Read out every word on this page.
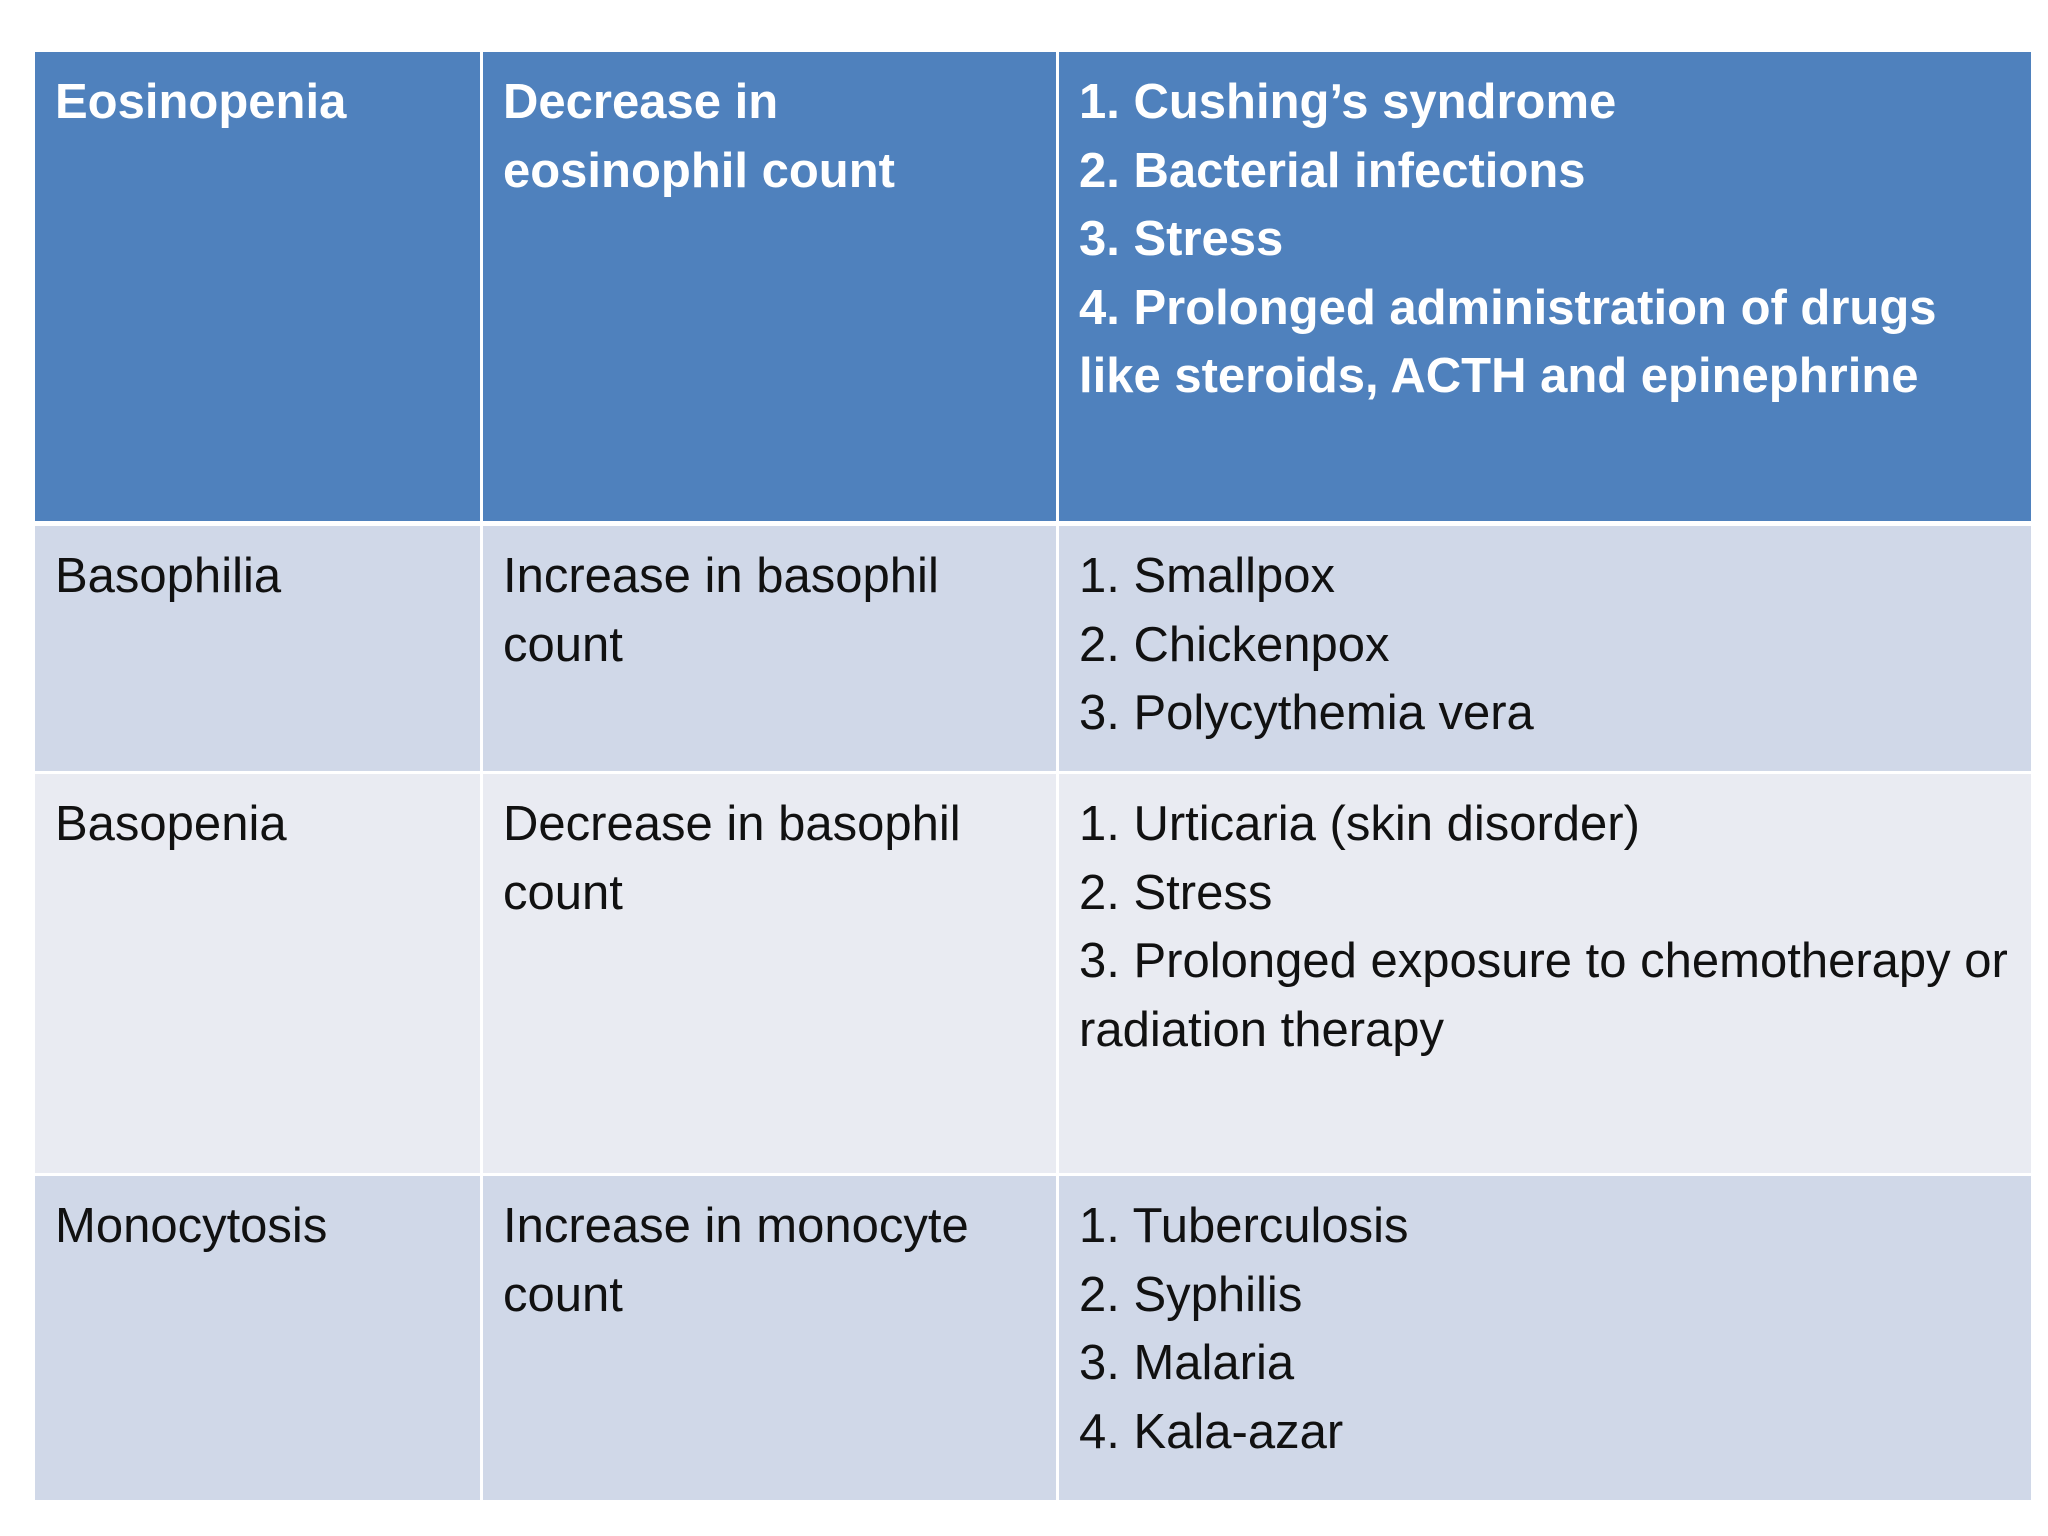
Eosinopenia	Decrease in eosinophil count
1. Cushing’s syndrome
2. Bacterial infections
3. Stress
4. Prolonged administration of drugs like steroids, ACTH and epinephrine
Basophilia	Increase in basophil count
1. Smallpox
2. Chickenpox
3. Polycythemia vera
Basopenia	Decrease in basophil count
1. Urticaria (skin disorder)
2. Stress
3. Prolonged exposure to chemotherapy or radiation therapy
Monocytosis	Increase in monocyte count
1. Tuberculosis
2. Syphilis
3. Malaria
4. Kala-azar
